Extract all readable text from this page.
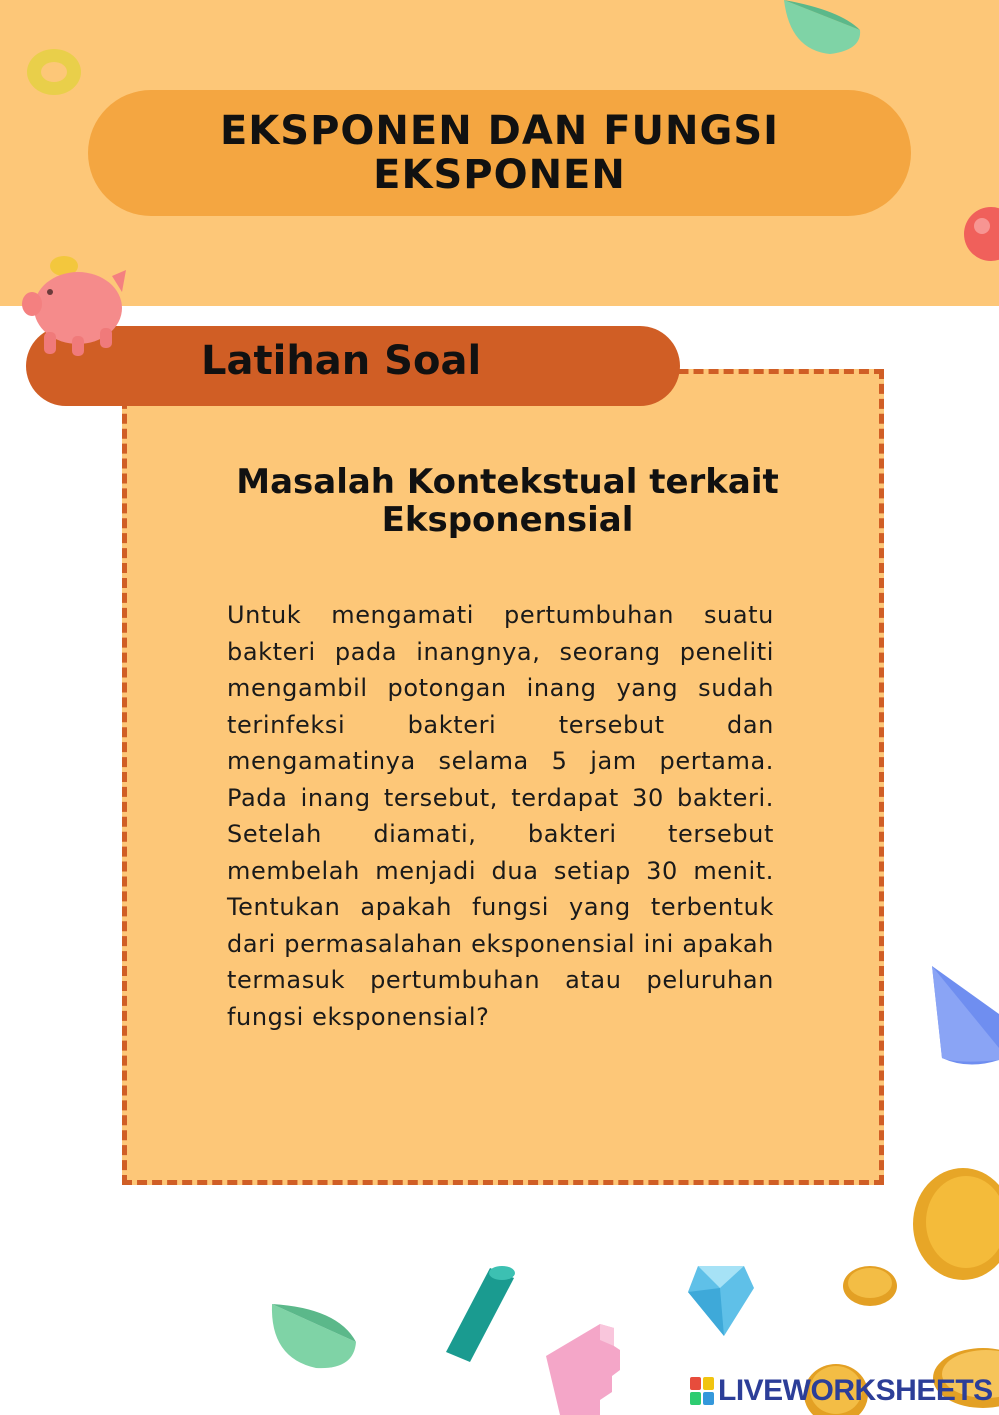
EKSPONEN DAN FUNGSI EKSPONEN
Latihan Soal
Masalah Kontekstual terkait Eksponensial

Untuk mengamati pertumbuhan suatu bakteri pada inangnya, seorang peneliti mengambil potongan inang yang sudah terinfeksi bakteri tersebut dan mengamatinya selama 5 jam pertama. Pada inang tersebut, terdapat 30 bakteri. Setelah diamati, bakteri tersebut membelah menjadi dua setiap 30 menit. Tentukan apakah fungsi yang terbentuk dari permasalahan eksponensial ini apakah termasuk pertumbuhan atau peluruhan fungsi eksponensial?

LIVEWORKSHEETS
